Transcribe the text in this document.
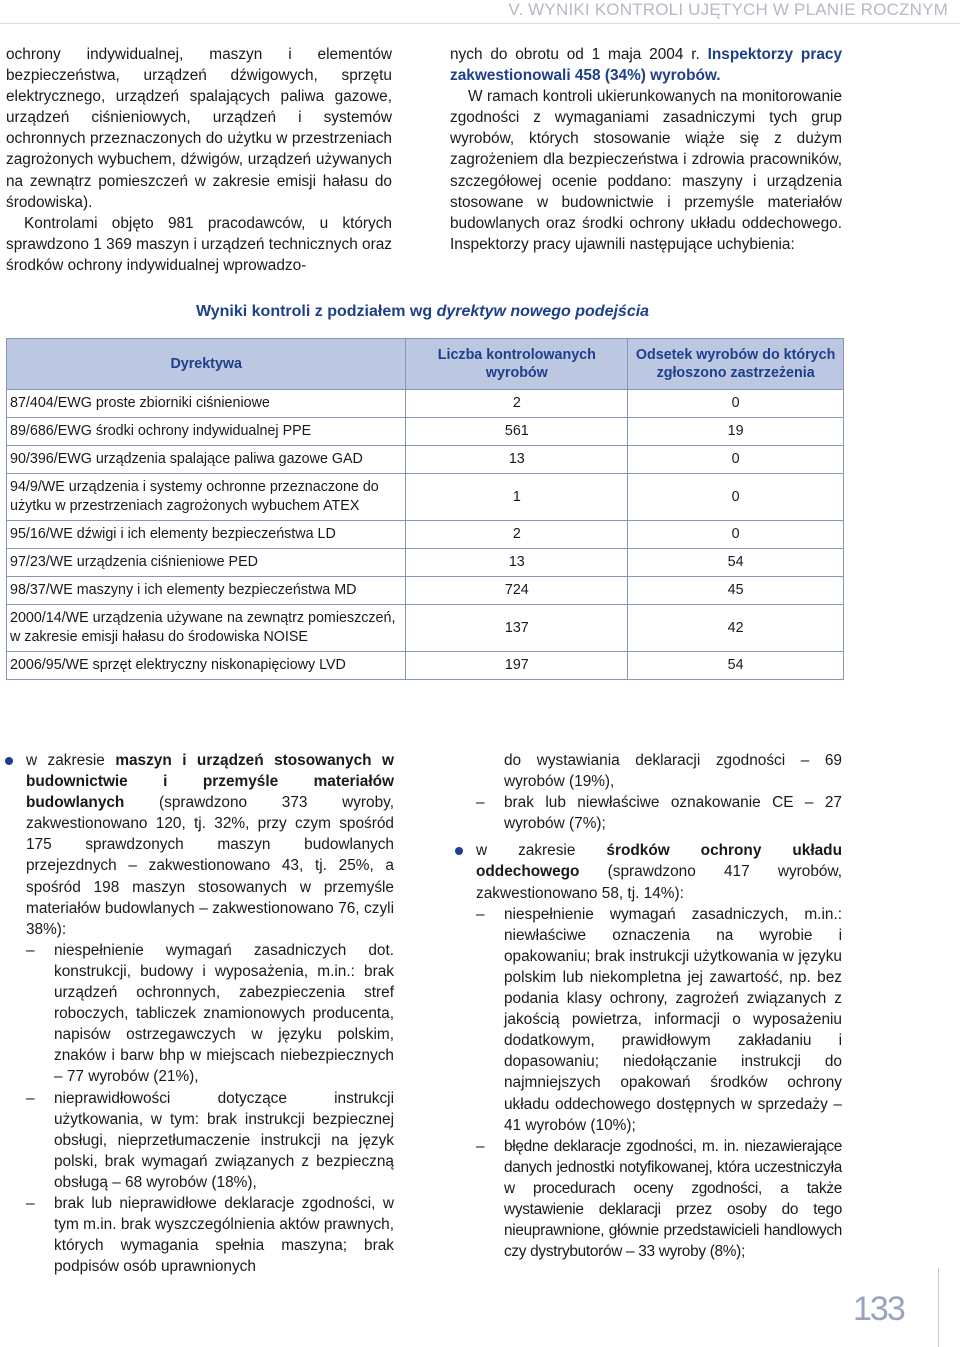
V. WYNIKI KONTROLI UJĘTYCH W PLANIE ROCZNYM

ochrony indywidualnej, maszyn i elementów bezpieczeństwa, urządzeń dźwigowych, sprzętu elektrycznego, urządzeń spalających paliwa gazowe, urządzeń ciśnieniowych, urządzeń i systemów ochronnych przeznaczonych do użytku w przestrzeniach zagrożonych wybuchem, dźwigów, urządzeń używanych na zewnątrz pomieszczeń w zakresie emisji hałasu do środowiska).

Kontrolami objęto 981 pracodawców, u których sprawdzono 1 369 maszyn i urządzeń technicznych oraz środków ochrony indywidualnej wprowadzo-

nych do obrotu od 1 maja 2004 r. Inspektorzy pracy zakwestionowali 458 (34%) wyrobów.

W ramach kontroli ukierunkowanych na monitorowanie zgodności z wymaganiami zasadniczymi tych grup wyrobów, których stosowanie wiąże się z dużym zagrożeniem dla bezpieczeństwa i zdrowia pracowników, szczegółowej ocenie poddano: maszyny i urządzenia stosowane w budownictwie i przemyśle materiałów budowlanych oraz środki ochrony układu oddechowego. Inspektorzy pracy ujawnili następujące uchybienia:

Wyniki kontroli z podziałem wg dyrektyw nowego podejścia
Dyrektywa	Liczba kontrolowanych wyrobów	Odsetek wyrobów do których zgłoszono zastrzeżenia
87/404/EWG proste zbiorniki ciśnieniowe	2	0
89/686/EWG środki ochrony indywidualnej PPE	561	19
90/396/EWG urządzenia spalające paliwa gazowe GAD	13	0
94/9/WE urządzenia i systemy ochronne przeznaczone do użytku w przestrzeniach zagrożonych wybuchem ATEX	1	0
95/16/WE dźwigi i ich elementy bezpieczeństwa LD	2	0
97/23/WE urządzenia ciśnieniowe PED	13	54
98/37/WE maszyny i ich elementy bezpieczeństwa MD	724	45
2000/14/WE urządzenia używane na zewnątrz pomieszczeń, w zakresie emisji hałasu do środowiska NOISE	137	42
2006/95/WE sprzęt elektryczny niskonapięciowy LVD	197	54
w zakresie maszyn i urządzeń stosowanych w budownictwie i przemyśle materiałów budowlanych (sprawdzono 373 wyroby, zakwestionowano 120, tj. 32%, przy czym spośród 175 sprawdzonych maszyn budowlanych przejezdnych – zakwestionowano 43, tj. 25%, a spośród 198 maszyn stosowanych w przemyśle materiałów budowlanych – zakwestionowano 76, czyli 38%):
– niespełnienie wymagań zasadniczych dot. konstrukcji, budowy i wyposażenia, m.in.: brak urządzeń ochronnych, zabezpieczenia stref roboczych, tabliczek znamionowych producenta, napisów ostrzegawczych w języku polskim, znaków i barw bhp w miejscach niebezpiecznych – 77 wyrobów (21%),
– nieprawidłowości dotyczące instrukcji użytkowania, w tym: brak instrukcji bezpiecznej obsługi, nieprzetłumaczenie instrukcji na język polski, brak wymagań związanych z bezpieczną obsługą – 68 wyrobów (18%),
– brak lub nieprawidłowe deklaracje zgodności, w tym m.in. brak wyszczególnienia aktów prawnych, których wymagania spełnia maszyna; brak podpisów osób uprawnionych

do wystawiania deklaracji zgodności – 69 wyrobów (19%),

– brak lub niewłaściwe oznakowanie CE – 27 wyrobów (7%);
w zakresie środków ochrony układu oddechowego (sprawdzono 417 wyrobów, zakwestionowano 58, tj. 14%):
– niespełnienie wymagań zasadniczych, m.in.: niewłaściwe oznaczenia na wyrobie i opakowaniu; brak instrukcji użytkowania w języku polskim lub niekompletna jej zawartość, np. bez podania klasy ochrony, zagrożeń związanych z jakością powietrza, informacji o wyposażeniu dodatkowym, prawidłowym zakładaniu i dopasowaniu; niedołączanie instrukcji do najmniejszych opakowań środków ochrony układu oddechowego dostępnych w sprzedaży – 41 wyrobów (10%);
– błędne deklaracje zgodności, m. in. niezawierające danych jednostki notyfikowanej, która uczestniczyła w procedurach oceny zgodności, a także wystawienie deklaracji przez osoby do tego nieuprawnione, głównie przedstawicieli handlowych czy dystrybutorów – 33 wyroby (8%);
133
